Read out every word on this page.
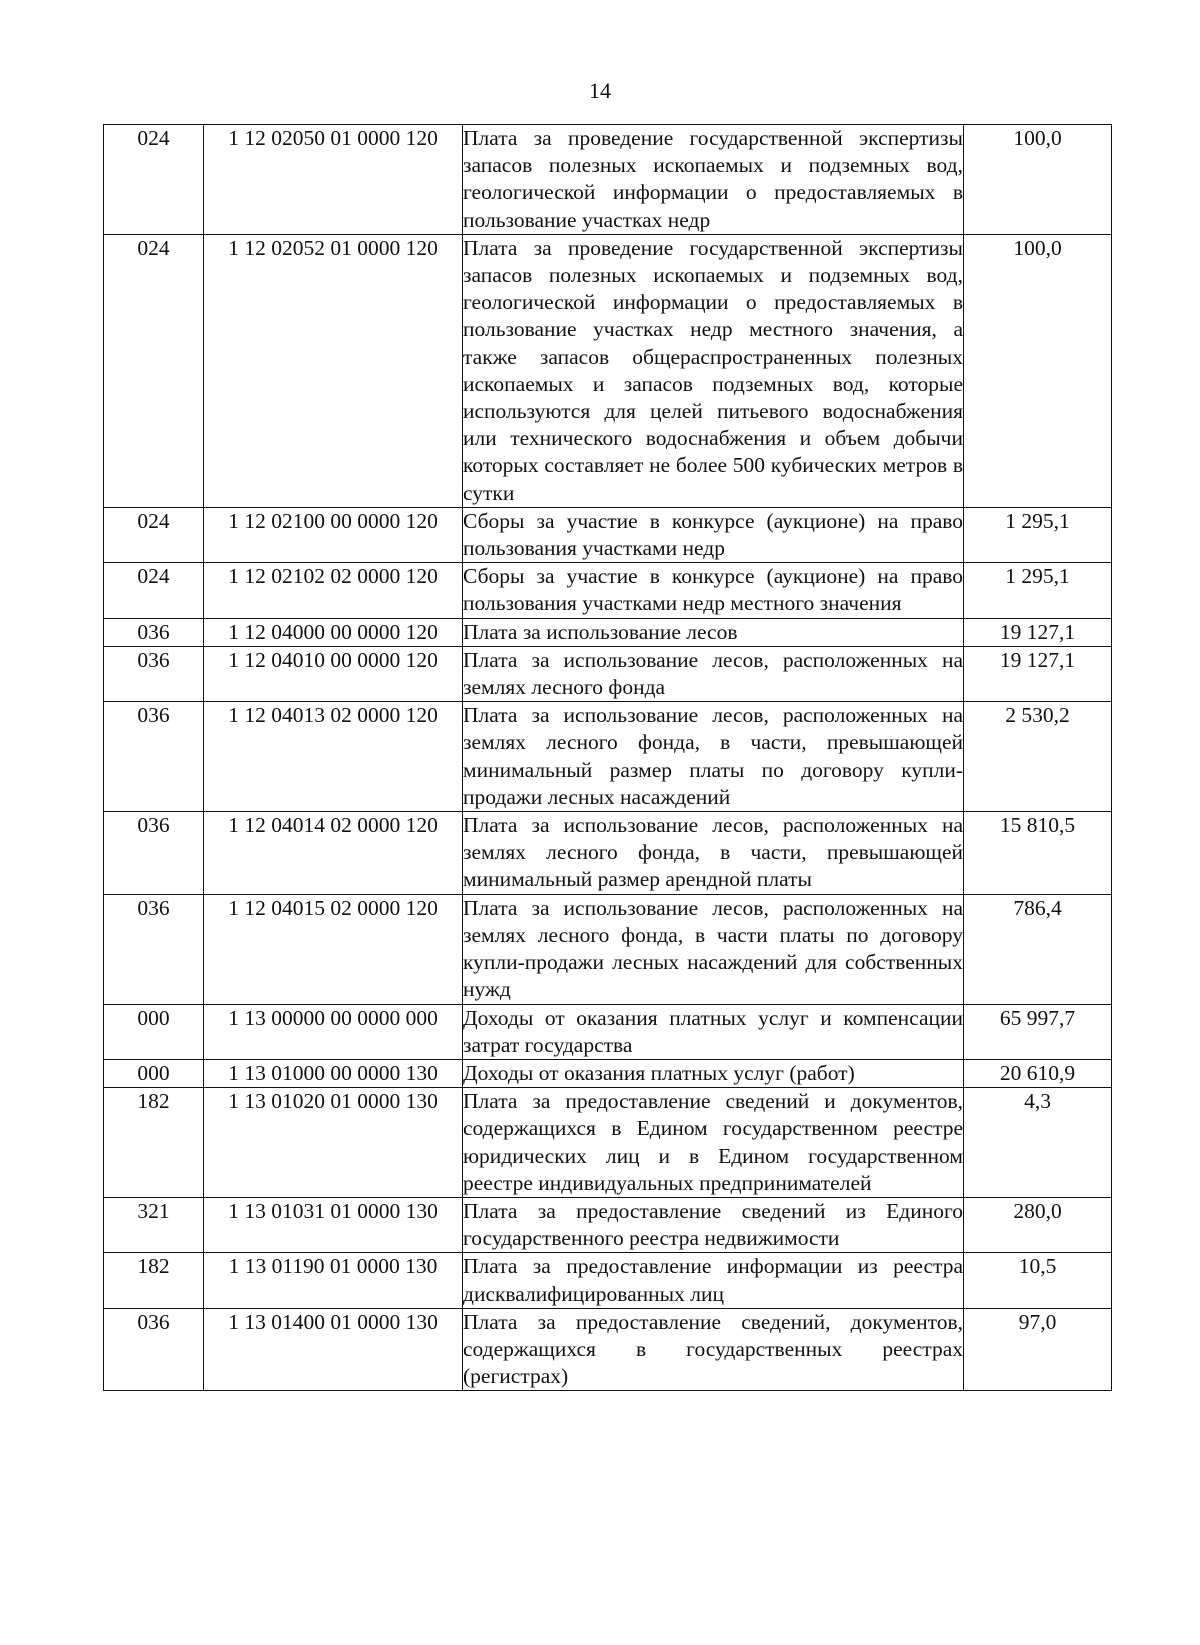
14
024	1 12 02050 01 0000 120	Плата за проведение государственной экспертизы запасов полезных ископаемых и подземных вод, геологической информации о предоставляемых в пользование участках недр	100,0
024	1 12 02052 01 0000 120	Плата за проведение государственной экспертизы запасов полезных ископаемых и подземных вод, геологической информации о предоставляемых в пользование участках недр местного значения, а также запасов общераспространенных полезных ископаемых и запасов подземных вод, которые используются для целей питьевого водоснабжения или технического водоснабжения и объем добычи которых составляет не более 500 кубических метров в сутки	100,0
024	1 12 02100 00 0000 120	Сборы за участие в конкурсе (аукционе) на право пользования участками недр	1 295,1
024	1 12 02102 02 0000 120	Сборы за участие в конкурсе (аукционе) на право пользования участками недр местного значения	1 295,1
036	1 12 04000 00 0000 120	Плата за использование лесов	19 127,1
036	1 12 04010 00 0000 120	Плата за использование лесов, расположенных на землях лесного фонда	19 127,1
036	1 12 04013 02 0000 120	Плата за использование лесов, расположенных на землях лесного фонда, в части, превышающей минимальный размер платы по договору купли-продажи лесных насаждений	2 530,2
036	1 12 04014 02 0000 120	Плата за использование лесов, расположенных на землях лесного фонда, в части, превышающей минимальный размер арендной платы	15 810,5
036	1 12 04015 02 0000 120	Плата за использование лесов, расположенных на землях лесного фонда, в части платы по договору купли-продажи лесных насаждений для собственных нужд	786,4
000	1 13 00000 00 0000 000	Доходы от оказания платных услуг и компенсации затрат государства	65 997,7
000	1 13 01000 00 0000 130	Доходы от оказания платных услуг (работ)	20 610,9
182	1 13 01020 01 0000 130	Плата за предоставление сведений и документов, содержащихся в Едином государственном реестре юридических лиц и в Едином государственном реестре индивидуальных предпринимателей	4,3
321	1 13 01031 01 0000 130	Плата за предоставление сведений из Единого государственного реестра недвижимости	280,0
182	1 13 01190 01 0000 130	Плата за предоставление информации из реестра дисквалифицированных лиц	10,5
036	1 13 01400 01 0000 130	Плата за предоставление сведений, документов, содержащихся в государственных реестрах (регистрах)	97,0
